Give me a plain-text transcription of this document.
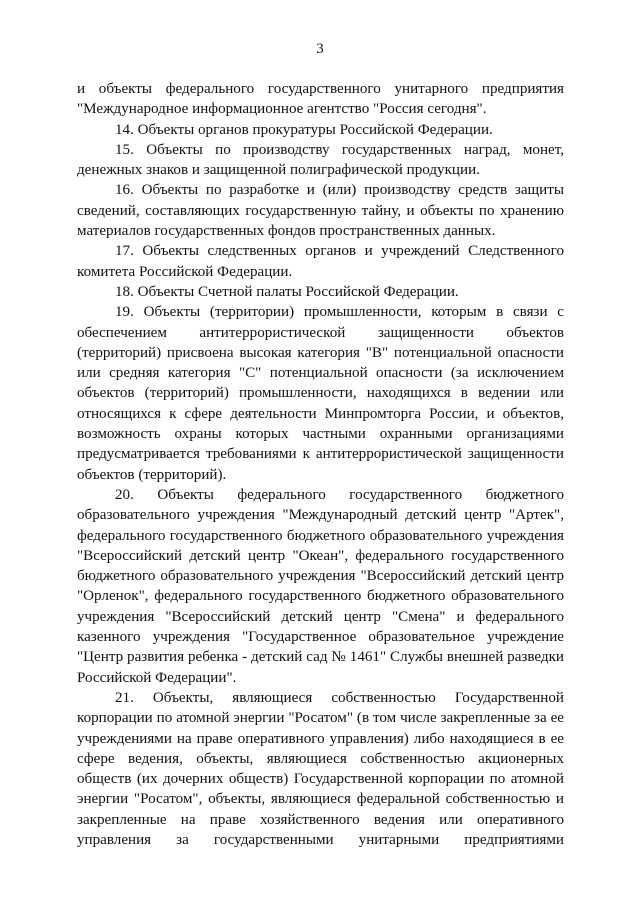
3

и объекты федерального государственного унитарного предприятия "Международное информационное агентство "Россия сегодня".

14. Объекты органов прокуратуры Российской Федерации.

15. Объекты по производству государственных наград, монет, денежных знаков и защищенной полиграфической продукции.

16. Объекты по разработке и (или) производству средств защиты сведений, составляющих государственную тайну, и объекты по хранению материалов государственных фондов пространственных данных.

17. Объекты следственных органов и учреждений Следственного комитета Российской Федерации.

18. Объекты Счетной палаты Российской Федерации.

19. Объекты (территории) промышленности, которым в связи с обеспечением антитеррористической защищенности объектов (территорий) присвоена высокая категория "В" потенциальной опасности или средняя категория "С" потенциальной опасности (за исключением объектов (территорий) промышленности, находящихся в ведении или относящихся к сфере деятельности Минпромторга России, и объектов, возможность охраны которых частными охранными организациями предусматривается требованиями к антитеррористической защищенности объектов (территорий).

20. Объекты федерального государственного бюджетного образовательного учреждения "Международный детский центр "Артек", федерального государственного бюджетного образовательного учреждения "Всероссийский детский центр "Океан", федерального государственного бюджетного образовательного учреждения "Всероссийский детский центр "Орленок", федерального государственного бюджетного образовательного учреждения "Всероссийский детский центр "Смена" и федерального казенного учреждения "Государственное образовательное учреждение "Центр развития ребенка - детский сад № 1461" Службы внешней разведки Российской Федерации".

21. Объекты, являющиеся собственностью Государственной корпорации по атомной энергии "Росатом" (в том числе закрепленные за ее учреждениями на праве оперативного управления) либо находящиеся в ее сфере ведения, объекты, являющиеся собственностью акционерных обществ (их дочерних обществ) Государственной корпорации по атомной энергии "Росатом", объекты, являющиеся федеральной собственностью и закрепленные на праве хозяйственного ведения или оперативного управления за государственными унитарными предприятиями
